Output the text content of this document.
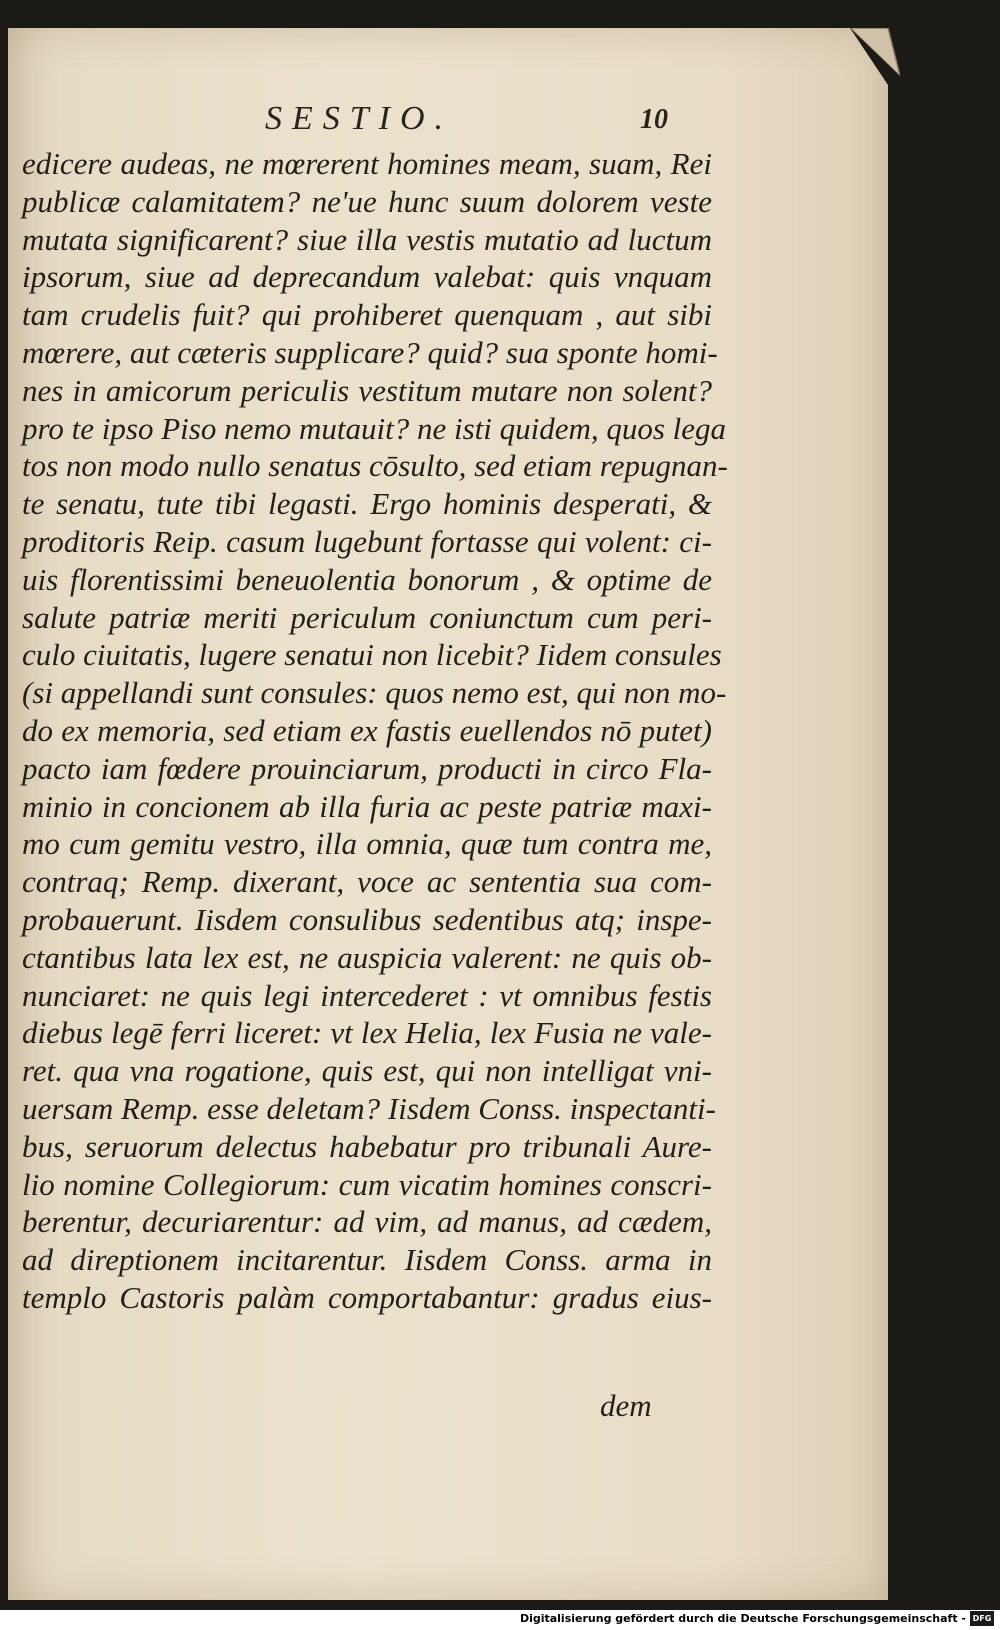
SESTIO.	10
edicere audeas, ne mœrerent homines meam, suam, Rei
publicæ calamitatem? ne'ue hunc suum dolorem veste
mutata significarent? siue illa vestis mutatio ad luctum
ipsorum, siue ad deprecandum valebat: quis vnquam
tam crudelis fuit? qui prohiberet quenquam , aut sibi
mœrere, aut cæteris supplicare? quid? sua sponte homi-
nes in amicorum periculis vestitum mutare non solent?
pro te ipso Piso nemo mutauit? ne isti quidem, quos lega
tos non modo nullo senatus cōsulto, sed etiam repugnan-
te senatu, tute tibi legasti. Ergo hominis desperati, &
proditoris Reip. casum lugebunt fortasse qui volent: ci-
uis florentissimi beneuolentia bonorum , & optime de
salute patriæ meriti periculum coniunctum cum peri-
culo ciuitatis, lugere senatui non licebit? Iidem consules
(si appellandi sunt consules: quos nemo est, qui non mo-
do ex memoria, sed etiam ex fastis euellendos nō putet)
pacto iam fœdere prouinciarum, producti in circo Fla-
minio in concionem ab illa furia ac peste patriæ maxi-
mo cum gemitu vestro, illa omnia, quæ tum contra me,
contraq; Remp. dixerant, voce ac sententia sua com-
probauerunt. Iisdem consulibus sedentibus atq; inspe-
ctantibus lata lex est, ne auspicia valerent: ne quis ob-
nunciaret: ne quis legi intercederet : vt omnibus festis
diebus legē ferri liceret: vt lex Helia, lex Fusia ne vale-
ret. qua vna rogatione, quis est, qui non intelligat vni-
uersam Remp. esse deletam? Iisdem Conss. inspectanti-
bus, seruorum delectus habebatur pro tribunali Aure-
lio nomine Collegiorum: cum vicatim homines conscri-
berentur, decuriarentur: ad vim, ad manus, ad cædem,
ad direptionem incitarentur. Iisdem Conss. arma in
templo Castoris palàm comportabantur: gradus eius-
dem
Digitalisierung gefördert durch die Deutsche Forschungsgemeinschaft - DFG
